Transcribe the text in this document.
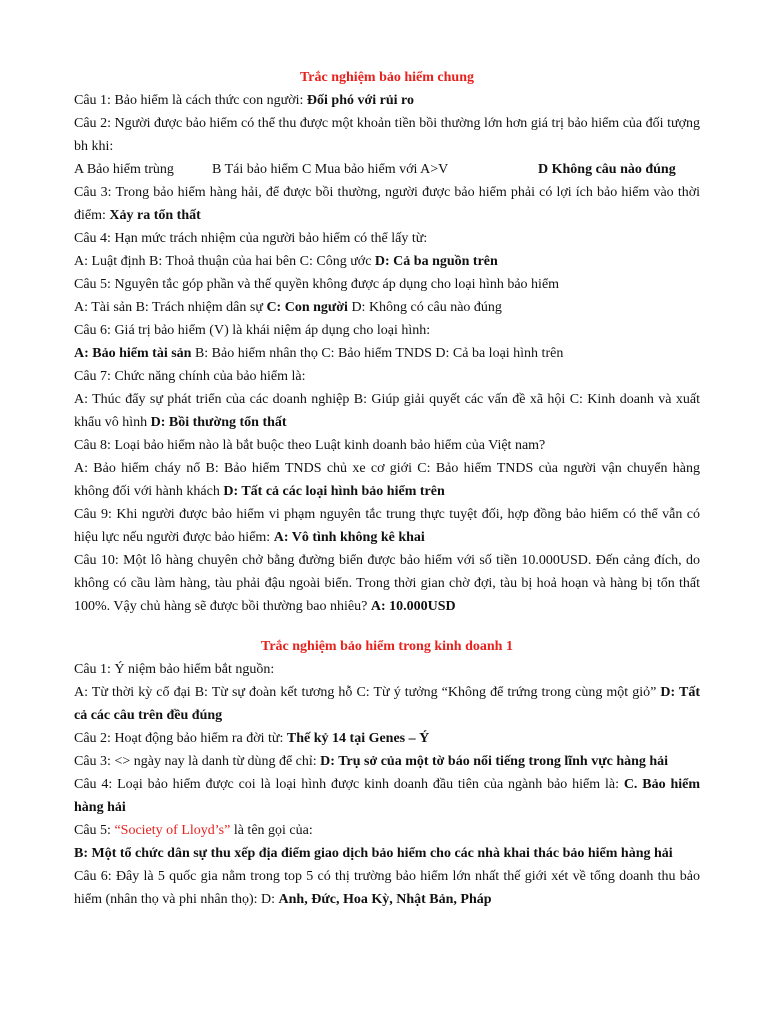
Trắc nghiệm bảo hiểm chung

Câu 1: Bảo hiểm là cách thức con người: Đối phó với rủi ro

Câu 2: Người được bảo hiểm có thể thu được một khoản tiền bồi thường lớn hơn giá trị bảo hiểm của đối tượng bh khi:

A Bảo hiểm trùng	B Tái bảo hiểm C Mua bảo hiểm với A>V	D Không câu nào đúng

Câu 3: Trong bảo hiểm hàng hải, để được bồi thường, người được bảo hiểm phải có lợi ích bảo hiểm vào thời điểm: Xảy ra tổn thất

Câu 4: Hạn mức trách nhiệm của người bảo hiểm có thể lấy từ:

A: Luật định B: Thoả thuận của hai bên C: Công ước D: Cả ba nguồn trên

Câu 5: Nguyên tắc góp phần và thế quyền không được áp dụng cho loại hình bảo hiểm

A: Tài sản B: Trách nhiệm dân sự C: Con người D: Không có câu nào đúng

Câu 6: Giá trị bảo hiểm (V) là khái niệm áp dụng cho loại hình:

A: Bảo hiểm tài sản B: Bảo hiểm nhân thọ C: Bảo hiểm TNDS D: Cả ba loại hình trên

Câu 7: Chức năng chính của bảo hiểm là:

A: Thúc đẩy sự phát triển của các doanh nghiệp B: Giúp giải quyết các vấn đề xã hội C: Kinh doanh và xuất khẩu vô hình D: Bồi thường tổn thất

Câu 8: Loại bảo hiểm nào là bắt buộc theo Luật kinh doanh bảo hiểm của Việt nam?

A: Bảo hiểm cháy nổ B: Bảo hiểm TNDS chủ xe cơ giới C: Bảo hiểm TNDS của người vận chuyển hàng không đối với hành khách D: Tất cả các loại hình bảo hiểm trên

Câu 9: Khi người được bảo hiểm vi phạm nguyên tắc trung thực tuyệt đối, hợp đồng bảo hiểm có thể vẫn có hiệu lực nếu người được bảo hiểm: A: Vô tình không kê khai

Câu 10: Một lô hàng chuyên chở bằng đường biển được bảo hiểm với số tiền 10.000USD. Đến cảng đích, do không có cầu làm hàng, tàu phải đậu ngoài biển. Trong thời gian chờ đợi, tàu bị hoả hoạn và hàng bị tổn thất 100%. Vậy chủ hàng sẽ được bồi thường bao nhiêu? A: 10.000USD

Trắc nghiệm bảo hiểm trong kinh doanh 1

Câu 1: Ý niệm bảo hiểm bắt nguồn:

A: Từ thời kỳ cổ đại B: Từ sự đoàn kết tương hỗ C: Từ ý tưởng “Không để trứng trong cùng một giỏ” D: Tất cả các câu trên đều đúng

Câu 2: Hoạt động bảo hiểm ra đời từ: Thế kỷ 14 tại Genes – Ý

Câu 3: <> ngày nay là danh từ dùng để chỉ: D: Trụ sở của một tờ báo nổi tiếng trong lĩnh vực hàng hải

Câu 4: Loại bảo hiểm được coi là loại hình được kinh doanh đầu tiên của ngành bảo hiểm là: C. Bảo hiểm hàng hải

Câu 5: “Society of Lloyd’s” là tên gọi của:

B: Một tổ chức dân sự thu xếp địa điểm giao dịch bảo hiểm cho các nhà khai thác bảo hiểm hàng hải

Câu 6: Đây là 5 quốc gia nằm trong top 5 có thị trường bảo hiểm lớn nhất thế giới xét về tổng doanh thu bảo hiểm (nhân thọ và phi nhân thọ): D: Anh, Đức, Hoa Kỳ, Nhật Bản, Pháp
